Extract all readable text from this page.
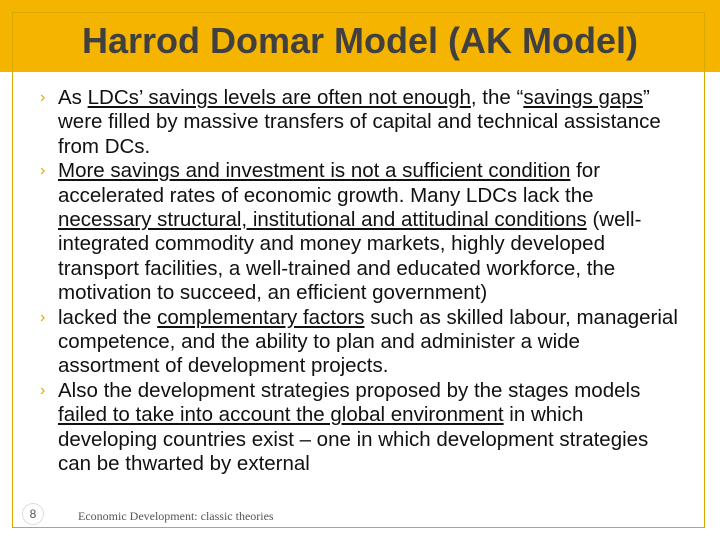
Harrod Domar Model (AK Model)
› As LDCs’ savings levels are often not enough, the “savings gaps” were filled by massive transfers of capital and technical assistance from DCs.
› More savings and investment is not a sufficient condition for accelerated rates of economic growth. Many LDCs lack the necessary structural, institutional and attitudinal conditions (well-integrated commodity and money markets, highly developed transport facilities, a well-trained and educated workforce, the motivation to succeed, an efficient government)
› lacked the complementary factors such as skilled labour, managerial competence, and the ability to plan and administer a wide assortment of development projects.
› Also the development strategies proposed by the stages models failed to take into account the global environment in which developing countries exist – one in which development strategies can be thwarted by external
8	Economic Development: classic theories
